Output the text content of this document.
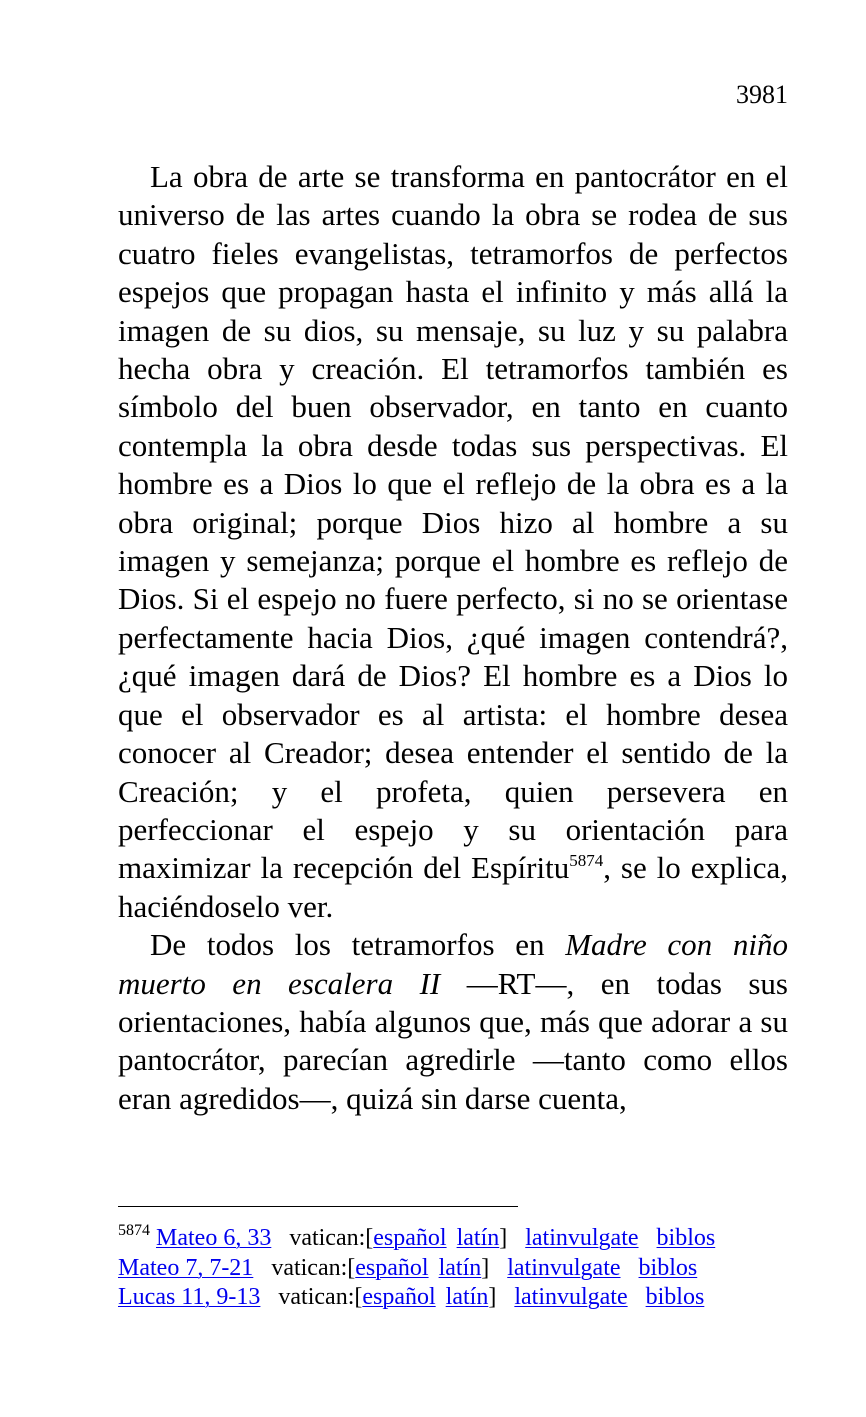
3981

La obra de arte se transforma en pantocrátor en el universo de las artes cuando la obra se rodea de sus cuatro fieles evangelistas, tetramorfos de perfectos espejos que propagan hasta el infinito y más allá la imagen de su dios, su mensaje, su luz y su palabra hecha obra y creación. El tetramorfos también es símbolo del buen observador, en tanto en cuanto contempla la obra desde todas sus perspectivas. El hombre es a Dios lo que el reflejo de la obra es a la obra original; porque Dios hizo al hombre a su imagen y semejanza; porque el hombre es reflejo de Dios. Si el espejo no fuere perfecto, si no se orientase perfectamente hacia Dios, ¿qué imagen contendrá?, ¿qué imagen dará de Dios? El hombre es a Dios lo que el observador es al artista: el hombre desea conocer al Creador; desea entender el sentido de la Creación; y el profeta, quien persevera en perfeccionar el espejo y su orientación para maximizar la recepción del Espíritu$^{5874}$, se lo explica, haciéndoselo ver.

De todos los tetramorfos en Madre con niño muerto en escalera II —RT—, en todas sus orientaciones, había algunos que, más que adorar a su pantocrátor, parecían agredirle —tanto como ellos eran agredidos—, quizá sin darse cuenta,

$^{5874}$ Mateo 6, 33 vatican:[español latín] latinvulgate biblos
Mateo 7, 7-21 vatican:[español latín] latinvulgate biblos
Lucas 11, 9-13 vatican:[español latín] latinvulgate biblos
